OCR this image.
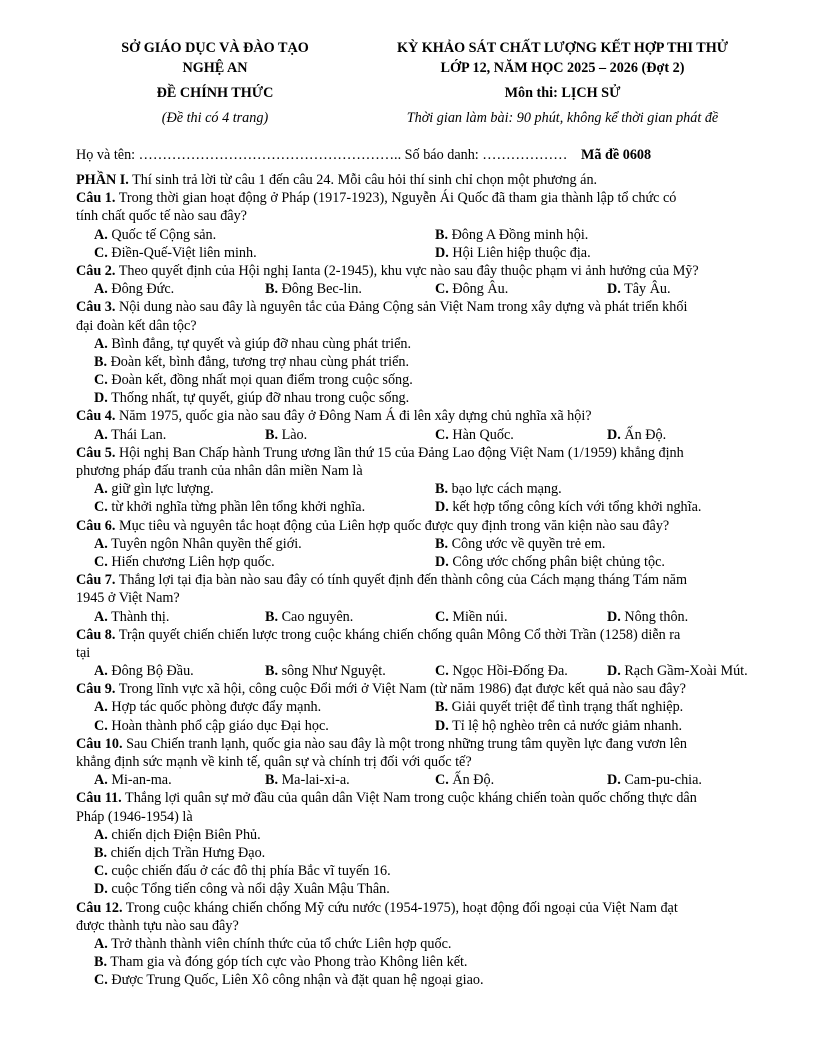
SỞ GIÁO DỤC VÀ ĐÀO TẠO
NGHỆ AN
ĐỀ CHÍNH THỨC
(Đề thi có 4 trang)
KỲ KHẢO SÁT CHẤT LƯỢNG KẾT HỢP THI THỬ
LỚP 12, NĂM HỌC 2025 – 2026 (Đợt 2)
Môn thi: LỊCH SỬ
Thời gian làm bài: 90 phút, không kể thời gian phát đề
Họ và tên: ……………………………………………….. Số báo danh: ……………… Mã đề 0608
PHẦN I. Thí sinh trả lời từ câu 1 đến câu 24. Mỗi câu hỏi thí sinh chỉ chọn một phương án.
Câu 1. Trong thời gian hoạt động ở Pháp (1917-1923), Nguyễn Ái Quốc đã tham gia thành lập tổ chức có
tính chất quốc tế nào sau đây?
A. Quốc tế Cộng sản.	B. Đông A Đồng minh hội.
C. Điền-Quế-Việt liên minh.	D. Hội Liên hiệp thuộc địa.
Câu 2. Theo quyết định của Hội nghị Ianta (2-1945), khu vực nào sau đây thuộc phạm vi ảnh hưởng của Mỹ?
A. Đông Đức.	B. Đông Bec-lin.	C. Đông Âu.	D. Tây Âu.
Câu 3. Nội dung nào sau đây là nguyên tắc của Đảng Cộng sản Việt Nam trong xây dựng và phát triển khối
đại đoàn kết dân tộc?
A. Bình đẳng, tự quyết và giúp đỡ nhau cùng phát triển.
B. Đoàn kết, bình đẳng, tương trợ nhau cùng phát triển.
C. Đoàn kết, đồng nhất mọi quan điểm trong cuộc sống.
D. Thống nhất, tự quyết, giúp đỡ nhau trong cuộc sống.
Câu 4. Năm 1975, quốc gia nào sau đây ở Đông Nam Á đi lên xây dựng chủ nghĩa xã hội?
A. Thái Lan.	B. Lào.	C. Hàn Quốc.	D. Ấn Độ.
Câu 5. Hội nghị Ban Chấp hành Trung ương lần thứ 15 của Đảng Lao động Việt Nam (1/1959) khẳng định
phương pháp đấu tranh của nhân dân miền Nam là
A. giữ gìn lực lượng.	B. bạo lực cách mạng.
C. từ khởi nghĩa từng phần lên tổng khởi nghĩa.	D. kết hợp tổng công kích với tổng khởi nghĩa.
Câu 6. Mục tiêu và nguyên tắc hoạt động của Liên hợp quốc được quy định trong văn kiện nào sau đây?
A. Tuyên ngôn Nhân quyền thế giới.	B. Công ước về quyền trẻ em.
C. Hiến chương Liên hợp quốc.	D. Công ước chống phân biệt chủng tộc.
Câu 7. Thắng lợi tại địa bàn nào sau đây có tính quyết định đến thành công của Cách mạng tháng Tám năm
1945 ở Việt Nam?
A. Thành thị.	B. Cao nguyên.	C. Miền núi.	D. Nông thôn.
Câu 8. Trận quyết chiến chiến lược trong cuộc kháng chiến chống quân Mông Cổ thời Trần (1258) diễn ra
tại
A. Đông Bộ Đầu.	B. sông Như Nguyệt.	C. Ngọc Hồi-Đống Đa.	D. Rạch Gầm-Xoài Mút.
Câu 9. Trong lĩnh vực xã hội, công cuộc Đổi mới ở Việt Nam (từ năm 1986) đạt được kết quả nào sau đây?
A. Hợp tác quốc phòng được đẩy mạnh.	B. Giải quyết triệt để tình trạng thất nghiệp.
C. Hoàn thành phổ cập giáo dục Đại học.	D. Tỉ lệ hộ nghèo trên cả nước giảm nhanh.
Câu 10. Sau Chiến tranh lạnh, quốc gia nào sau đây là một trong những trung tâm quyền lực đang vươn lên
khẳng định sức mạnh về kinh tế, quân sự và chính trị đối với quốc tế?
A. Mi-an-ma.	B. Ma-lai-xi-a.	C. Ấn Độ.	D. Cam-pu-chia.
Câu 11. Thắng lợi quân sự mở đầu của quân dân Việt Nam trong cuộc kháng chiến toàn quốc chống thực dân
Pháp (1946-1954) là
A. chiến dịch Điện Biên Phủ.
B. chiến dịch Trần Hưng Đạo.
C. cuộc chiến đấu ở các đô thị phía Bắc vĩ tuyến 16.
D. cuộc Tổng tiến công và nổi dậy Xuân Mậu Thân.
Câu 12. Trong cuộc kháng chiến chống Mỹ cứu nước (1954-1975), hoạt động đối ngoại của Việt Nam đạt
được thành tựu nào sau đây?
A. Trở thành thành viên chính thức của tổ chức Liên hợp quốc.
B. Tham gia và đóng góp tích cực vào Phong trào Không liên kết.
C. Được Trung Quốc, Liên Xô công nhận và đặt quan hệ ngoại giao.
